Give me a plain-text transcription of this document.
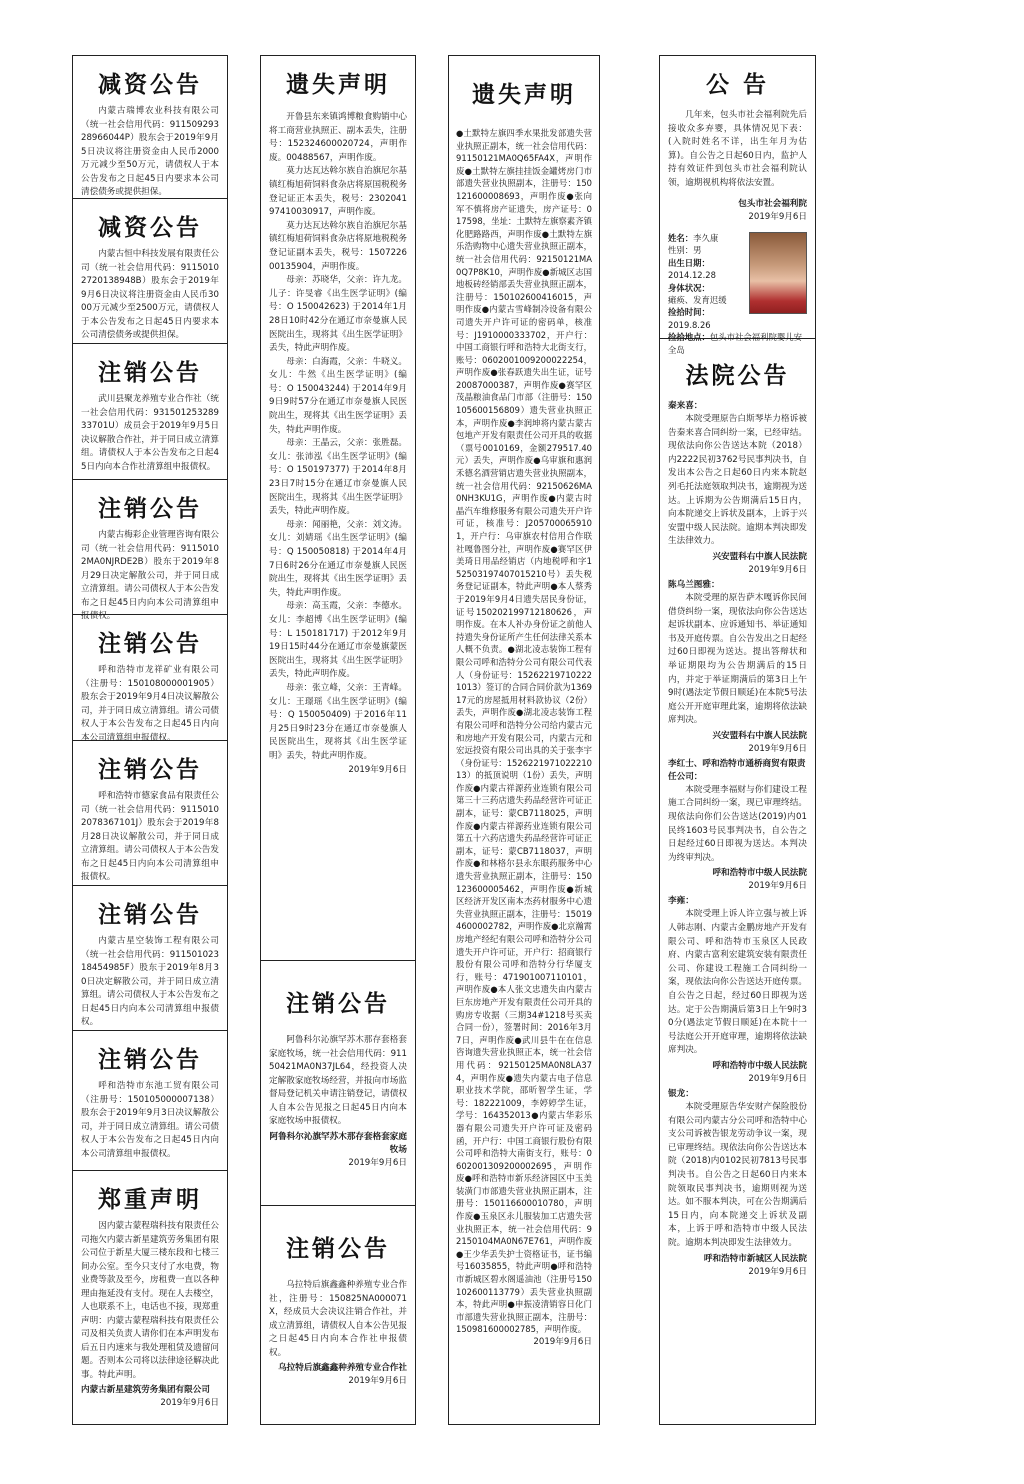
减资公告
内蒙古瑞博农业科技有限公司（统一社会信用代码：91150929328966044P）股东会于2019年9月5日决议将注册资金由人民币2000万元减少至50万元，请债权人于本公告发布之日起45日内要求本公司清偿债务或提供担保。
减资公告
内蒙古恒中科技发展有限责任公司（统一社会信用代码：91150102720138948B）股东会于2019年9月6日决议将注册资金由人民币3000万元减少至2500万元，请债权人于本公告发布之日起45日内要求本公司清偿债务或提供担保。
注销公告
武川县聚龙养殖专业合作社（统一社会信用代码：93150125328933701U）成员会于2019年9月5日决议解散合作社，并于同日成立清算组。请债权人于本公告发布之日起45日内向本合作社清算组申报债权。
注销公告
内蒙古梅彩企业管理咨询有限公司（统一社会信用代码：91150102MA0NJRDE2B）股东于2019年8月29日决定解散公司，并于同日成立清算组。请公司债权人于本公告发布之日起45日内向本公司清算组申报债权。
注销公告
呼和浩特市龙祥矿业有限公司（注册号：150108000001905）股东会于2019年9月4日决议解散公司，并于同日成立清算组。请公司债权人于本公告发布之日起45日内向本公司清算组申报债权。
注销公告
呼和浩特市德家食品有限责任公司（统一社会信用代码：91150102078367101J）股东会于2019年8月28日决议解散公司，并于同日成立清算组。请公司债权人于本公告发布之日起45日内向本公司清算组申报债权。
注销公告
内蒙古星空装饰工程有限公司（统一社会信用代码：91150102318454985F）股东于2019年8月30日决定解散公司，并于同日成立清算组。请公司债权人于本公告发布之日起45日内向本公司清算组申报债权。
注销公告
呼和浩特市东池工贸有限公司（注册号：150105000007138）股东会于2019年9月3日决议解散公司，并于同日成立清算组。请公司债权人于本公告发布之日起45日内向本公司清算组申报债权。
郑重声明
因内蒙古蒙程瑞科技有限责任公司拖欠内蒙古新星建筑劳务集团有限公司位于新星大厦三楼东段和七楼三间办公室。至今只支付了水电费，物业费等款及至今，房租费一直以各种理由拖延没有支付。现在人去楼空，人也联系不上，电话也不接，现郑重声明：内蒙古蒙程瑞科技有限责任公司及相关负责人请你们在本声明发布后五日内速来与我处理租赁及遗留问题。否则本公司将以法律途径解决此事。特此声明。
内蒙古新星建筑劳务集团有限公司
2019年9月6日
遗失声明

开鲁县东来镇鸿博粮食购销中心将工商营业执照正、副本丢失，注册号：152324600020724，声明作废。00488567，声明作废。

莫力达瓦达斡尔族自治旗尼尔基镇红梅旭荷饲料食杂店将原国税税务登记证正本丢失，税号：230204197410030917，声明作废。

莫力达瓦达斡尔族自治旗尼尔基镇红梅旭荷饲料食杂店将原地税税务登记证副本丢失，税号：150722600135904，声明作废。

母亲：苏晓华，父亲：许九龙。儿子：许旻睿《出生医学证明》(编号：O 150042623) 于2014年1月28日10时42分在通辽市奈曼旗人民医院出生，现将其《出生医学证明》丢失，特此声明作废。

母亲：白海霞，父亲：牛晓义。女儿：牛然《出生医学证明》(编号：O 150043244) 于2014年9月9日9时57分在通辽市奈曼旗人民医院出生，现将其《出生医学证明》丢失，特此声明作废。

母亲：王晶云，父亲：张胜磊。女儿：张沛泓《出生医学证明》(编号：O 150197377) 于2014年8月23日7时15分在通辽市奈曼旗人民医院出生，现将其《出生医学证明》丢失，特此声明作废。

母亲：闻丽艳，父亲：刘文涛。女儿：刘婧瑶《出生医学证明》(编号：Q 150050818) 于2014年4月7日6时26分在通辽市奈曼旗人民医院出生，现将其《出生医学证明》丢失，特此声明作废。

母亲：高玉霞，父亲：李德水。女儿：李超博《出生医学证明》(编号：L 150181717) 于2012年9月19日15时44分在通辽市奈曼旗蒙医医院出生，现将其《出生医学证明》丢失，特此声明作废。

母亲：张立峰，父亲：王青峰。女儿：王璟瑶《出生医学证明》(编号：Q 150050409) 于2016年11月25日9时23分在通辽市奈曼旗人民医院出生，现将其《出生医学证明》丢失，特此声明作废。

2019年9月6日
注销公告
阿鲁科尔沁旗罕苏木那存套格套家庭牧场，统一社会信用代码：91150421MA0N37JL64，经投资人决定解散家庭牧场经营，并报向市场监督局登记机关申请注销登记，请债权人自本公告见报之日起45日内向本家庭牧场申报债权。
阿鲁科尔沁旗罕苏木那存套格套家庭牧场
2019年9月6日
注销公告
乌拉特后旗鑫鑫种养殖专业合作社，注册号：150825NA000071X，经成员大会决议注销合作社，并成立清算组，请债权人自本公告见报之日起45日内向本合作社申报债权。
乌拉特后旗鑫鑫种养殖专业合作社
2019年9月6日
遗失声明
●土默特左旗四季水果批发部遗失营业执照正副本，统一社会信用代码：91150121MA0Q65FA4X，声明作废●土默特左旗挂挂饭金罐烤房门市部遗失营业执照副本，注册号：150121600008693，声明作废●张向军不慎将房产证遗失，房产证号：017598，坐址：土默特左旗察素齐镇化肥路路西，声明作废●土默特左旗乐浩购物中心遗失营业执照正副本，统一社会信用代码：92150121MA0Q7P8K10，声明作废●新城区志国地板砖经销部丢失营业执照正副本，注册号：150102600416015，声明作废●内蒙古雪峰制冷设备有限公司遗失开户许可证的密码单，核准号：J1910000333702，开户行：中国工商银行呼和浩特大北街支行，账号：0602001009200022254，声明作废●张春跃遗失出生证，证号20087000387，声明作废●赛罕区茂晶粮油食品门市部（注册号：150105600156809）遗失营业执照正本，声明作废●李润坤将内蒙古蒙古包地产开发有限责任公司开具的收据（票号0010169，金额279517.40元）丢失，声明作废●乌审旗和惠润禾德名酒营销店遗失营业执照副本，统一社会信用代码：92150626MA0NH3KU1G，声明作废●内蒙古时晶汽车维修服务有限公司遗失开户许可证，核准号：J2057000659101，开户行：乌审旗农村信用合作联社嘎鲁图分社，声明作废●赛罕区伊美琦日用品经销店（内地税呼和字152503197407015210号）丢失税务登记证副本，特此声明●本人蔡秀于2019年9月4日遗失居民身份证，证号150202199712180626，声明作废。在本人补办身份证之前他人持遗失身份证所产生任何法律关系本人概不负责。●湖北凌志装饰工程有限公司呼和浩特分公司有限公司代表人（身份证号：152622197102221013）签订的合同合同价款为136917元的房屋抵用材料款协议（2份）丢失，声明作废●湖北凌志装饰工程有限公司呼和浩特分公司给内蒙古元和房地产开发有限公司，内蒙古元和宏远投资有限公司出具的关于张李宇（身份证号：152622197102221013）的抵顶说明（1份）丢失，声明作废●内蒙古祥源药业连锁有限公司第三十三药店遗失药品经营许可证正副本，证号：蒙CB7118025，声明作废●内蒙古祥源药业连锁有限公司第五十六药店遗失药品经营许可证正副本，证号：蒙CB7118037，声明作废●和林格尔县永东眼药服务中心遗失营业执照正副本，注册号：150123600005462，声明作废●新城区经济开发区南本杰药材服务中心遗失营业执照正副本，注册号：150194600002782，声明作废●北京瀚霄房地产经纪有限公司呼和浩特分公司遗失开户许可证，开户行：招商银行股份有限公司呼和浩特分行华厦支行，账号：471901007110101，声明作废●本人张文忠遗失由内蒙古巨东房地产开发有限责任公司开具的购房专收据（三期34#1218号买卖合同一份），签署时间：2016年3月7日，声明作废●武川县牛在在信息咨询遗失营业执照正本，统一社会信用代码：92150125MA0N8LA374，声明作废●遗失内蒙古电子信息职业技术学院，邵昕智学生证，学号：182221009，李婷婷学生证，学号：164352013●内蒙古华彩乐器有限公司遗失开户许可证及密码函，开户行：中国工商银行股份有限公司呼和浩特大南街支行，账号：0602001309200002695，声明作废●呼和浩特市新乐经济园区中玉美装潢门市部遗失营业执照正副本，注册号：150116600010780，声明作废●玉泉区永儿服装加工店遗失营业执照正本，统一社会信用代码：92150104MA0N67E761，声明作废●王少华丢失护士资格证书，证书编号16035855，特此声明●呼和浩特市新城区碧水阁遥油池（注册号150102600113779）丢失营业执照副本，特此声明●申振凌清销容日化门市部遗失营业执照正副本，注册号：150981600002785，声明作废。
2019年9月6日
公 告
几年来，包头市社会福利院先后接收众多弃婴，具体情况见下表：(入院时姓名不详，出生年月为估算)。自公告之日起60日内，监护人持有效证件到包头市社会福利院认领，逾期视机构将依法安置。
包头市社会福利院
2019年9月6日
姓名：李久康
性别：男
出生日期：
2014.12.28
身体状况：
瘫痪、发育迟缓
捡拾时间：
2019.8.26
捡拾地点：包头市社会福利院婴儿安全岛
法院公告
秦来喜：

本院受理原告白斯琴毕力格诉被告秦来喜合同纠纷一案，已经审结。现依法向你公告送达本院（2018）内2222民初3762号民事判决书，自发出本公告之日起60日内来本院赵列毛托法庭领取判决书，逾期视为送达。上诉期为公告期满后15日内，向本院递交上诉状及副本，上诉于兴安盟中级人民法院。逾期本判决即发生法律效力。

兴安盟科右中旗人民法院
2019年9月6日
陈乌兰图雅：

本院受理的原告萨木嘎诉你民间借贷纠纷一案，现依法向你公告送达起诉状副本、应诉通知书、举证通知书及开庭传票。自公告发出之日起经过60日即视为送达。提出答辩状和举证期限均为公告期满后的15日内，并定于举证期满后的第3日上午9时(遇法定节假日顺延)在本院5号法庭公开开庭审理此案，逾期将依法缺席判决。

兴安盟科右中旗人民法院
2019年9月6日
李红士、呼和浩特市通桥商贸有限责任公司：

本院受理李福财与你们建设工程施工合同纠纷一案，现已审理终结。现依法向你们公告送达(2019)内01民终1603号民事判决书，自公告之日起经过60日即视为送达。本判决为终审判决。

呼和浩特市中级人民法院
2019年9月6日
李雍：

本院受理上诉人许立强与被上诉人韩志刚、内蒙古金鹏房地产开发有限公司、呼和浩特市玉泉区人民政府、内蒙古富利宏建筑安装有限责任公司、你建设工程施工合同纠纷一案，现依法向你公告送达开庭传票。自公告之日起，经过60日即视为送达。定于公告期满后第3日上午9时30分(遇法定节假日顺延)在本院十一号法庭公开开庭审理，逾期将依法缺席判决。

呼和浩特市中级人民法院
2019年9月6日
银龙：

本院受理原告华安财产保险股份有限公司内蒙古分公司呼和浩特中心支公司诉被告银龙劳动争议一案，现已审理终结。现依法向你公告送达本院（2018)内0102民初7813号民事判决书。自公告之日起60日内来本院领取民事判决书，逾期则视为送达。如不服本判决，可在公告期满后15日内，向本院递交上诉状及副本，上诉于呼和浩特市中级人民法院。逾期本判决即发生法律效力。

呼和浩特市新城区人民法院
2019年9月6日
